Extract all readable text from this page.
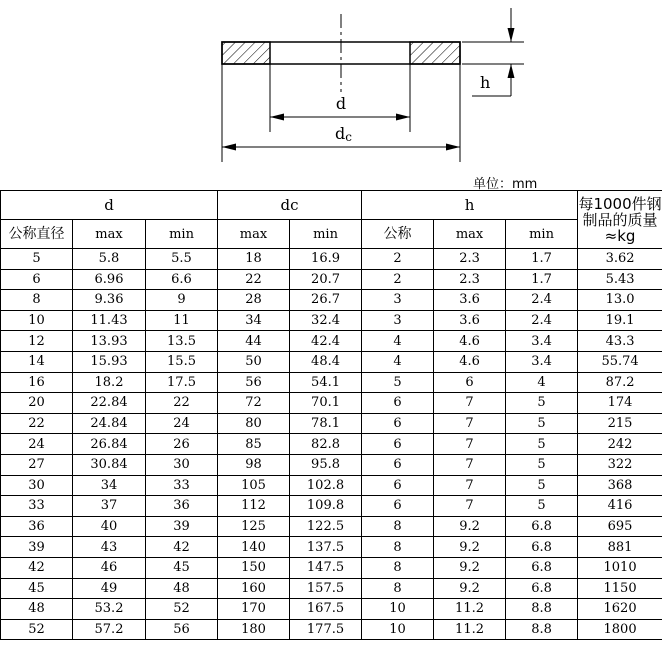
d
dc
h
单位：mm
d			dc		h			每1000件钢制品的质量≈kg
公称直径	max	min	max	min	公称	max	min	
5	5.8	5.5	18	16.9	2	2.3	1.7	3.62
6	6.96	6.6	22	20.7	2	2.3	1.7	5.43
8	9.36	9	28	26.7	3	3.6	2.4	13.0
10	11.43	11	34	32.4	3	3.6	2.4	19.1
12	13.93	13.5	44	42.4	4	4.6	3.4	43.3
14	15.93	15.5	50	48.4	4	4.6	3.4	55.74
16	18.2	17.5	56	54.1	5	6	4	87.2
20	22.84	22	72	70.1	6	7	5	174
22	24.84	24	80	78.1	6	7	5	215
24	26.84	26	85	82.8	6	7	5	242
27	30.84	30	98	95.8	6	7	5	322
30	34	33	105	102.8	6	7	5	368
33	37	36	112	109.8	6	7	5	416
36	40	39	125	122.5	8	9.2	6.8	695
39	43	42	140	137.5	8	9.2	6.8	881
42	46	45	150	147.5	8	9.2	6.8	1010
45	49	48	160	157.5	8	9.2	6.8	1150
48	53.2	52	170	167.5	10	11.2	8.8	1620
52	57.2	56	180	177.5	10	11.2	8.8	1800
